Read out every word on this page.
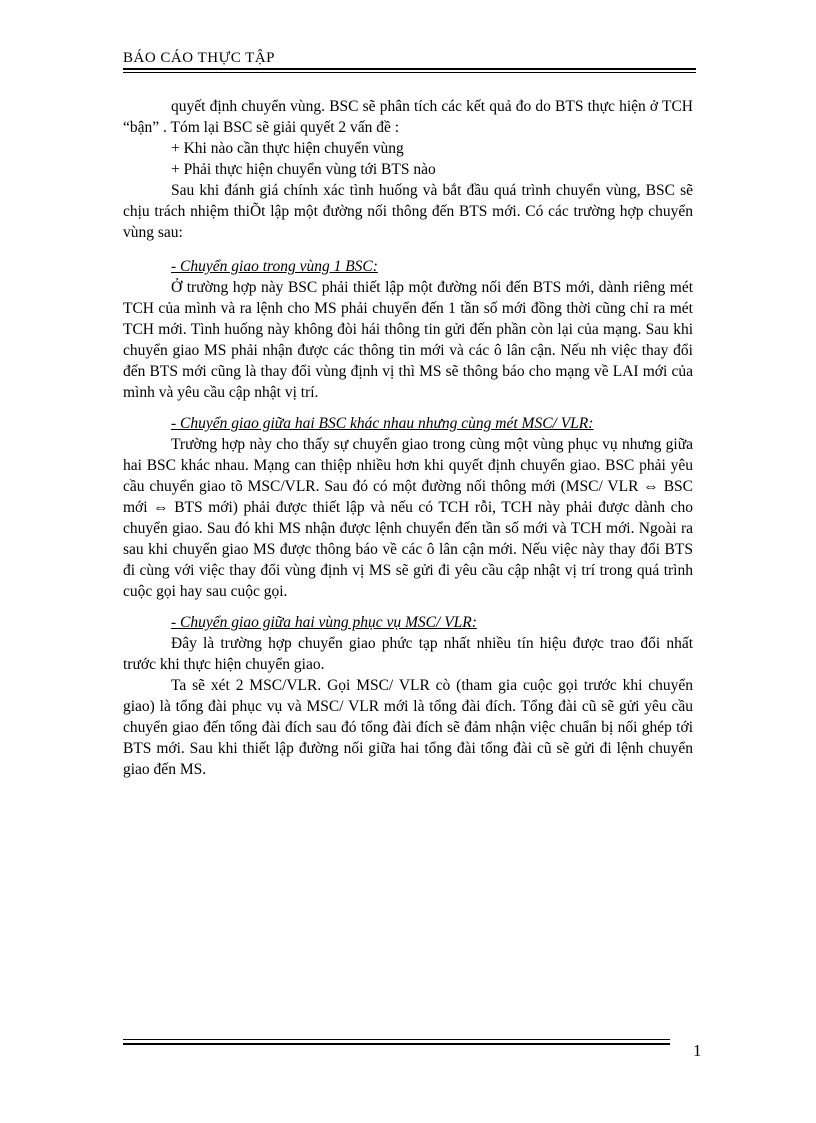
BÁO CÁO THỰC TẬP

quyết định chuyển vùng. BSC sẽ phân tích các kết quả đo do BTS thực hiện ở TCH “bận” . Tóm lại BSC sẽ giải quyết 2 vấn đề :

+ Khi nào cần thực hiện chuyển vùng

+ Phải thực hiện chuyển vùng tới BTS nào

Sau khi đánh giá chính xác tình huống và bắt đầu quá trình chuyển vùng, BSC sẽ chịu trách nhiệm thiÕt lập một đường nối thông đến BTS mới. Có các trường hợp chuyển vùng sau:

- Chuyển giao trong vùng 1 BSC:

Ở trường hợp này BSC phải thiết lập một đường nối đến BTS mới, dành riêng mét TCH của mình và ra lệnh cho MS phải chuyển đến 1 tần số mới đồng thời cũng chỉ ra mét TCH mới. Tình huống này không đòi hái thông tin gửi đến phần còn lại của mạng. Sau khi chuyển giao MS phải nhận được các thông tin mới và các ô lân cận. Nếu nh việc thay đổi đến BTS mới cũng là thay đổi vùng định vị thì MS sẽ thông báo cho mạng về LAI mới của mình và yêu cầu cập nhật vị trí.

- Chuyển giao giữa hai BSC khác nhau nhưng cùng mét MSC/ VLR:

Trường hợp này cho thấy sự chuyển giao trong cùng một vùng phục vụ nhưng giữa hai BSC khác nhau. Mạng can thiệp nhiều hơn khi quyết định chuyển giao. BSC phải yêu cầu chuyển giao tõ MSC/VLR. Sau đó có một đường nối thông mới (MSC/ VLR ⇔ BSC mới ⇔ BTS mới) phải được thiết lập và nếu có TCH rỗi, TCH này phải được dành cho chuyển giao. Sau đó khi MS nhận được lệnh chuyển đến tần số mới và TCH mới. Ngoài ra sau khi chuyển giao MS được thông báo về các ô lân cận mới. Nếu việc này thay đổi BTS đi cùng với việc thay đổi vùng định vị MS sẽ gửi đi yêu cầu cập nhật vị trí trong quá trình cuộc gọi hay sau cuộc gọi.

- Chuyển giao giữa hai vùng phục vụ MSC/ VLR:

Đây là trường hợp chuyển giao phức tạp nhất nhiều tín hiệu được trao đổi nhất trước khi thực hiện chuyển giao.

Ta sẽ xét 2 MSC/VLR. Gọi MSC/ VLR cò (tham gia cuộc gọi trước khi chuyển giao) là tổng đài phục vụ và MSC/ VLR mới là tổng đài đích. Tổng đài cũ sẽ gửi yêu cầu chuyển giao đến tổng đài đích sau đó tổng đài đích sẽ đảm nhận việc chuẩn bị nối ghép tới BTS mới. Sau khi thiết lập đường nối giữa hai tổng đài tổng đài cũ sẽ gửi đi lệnh chuyển giao đến MS.

1
